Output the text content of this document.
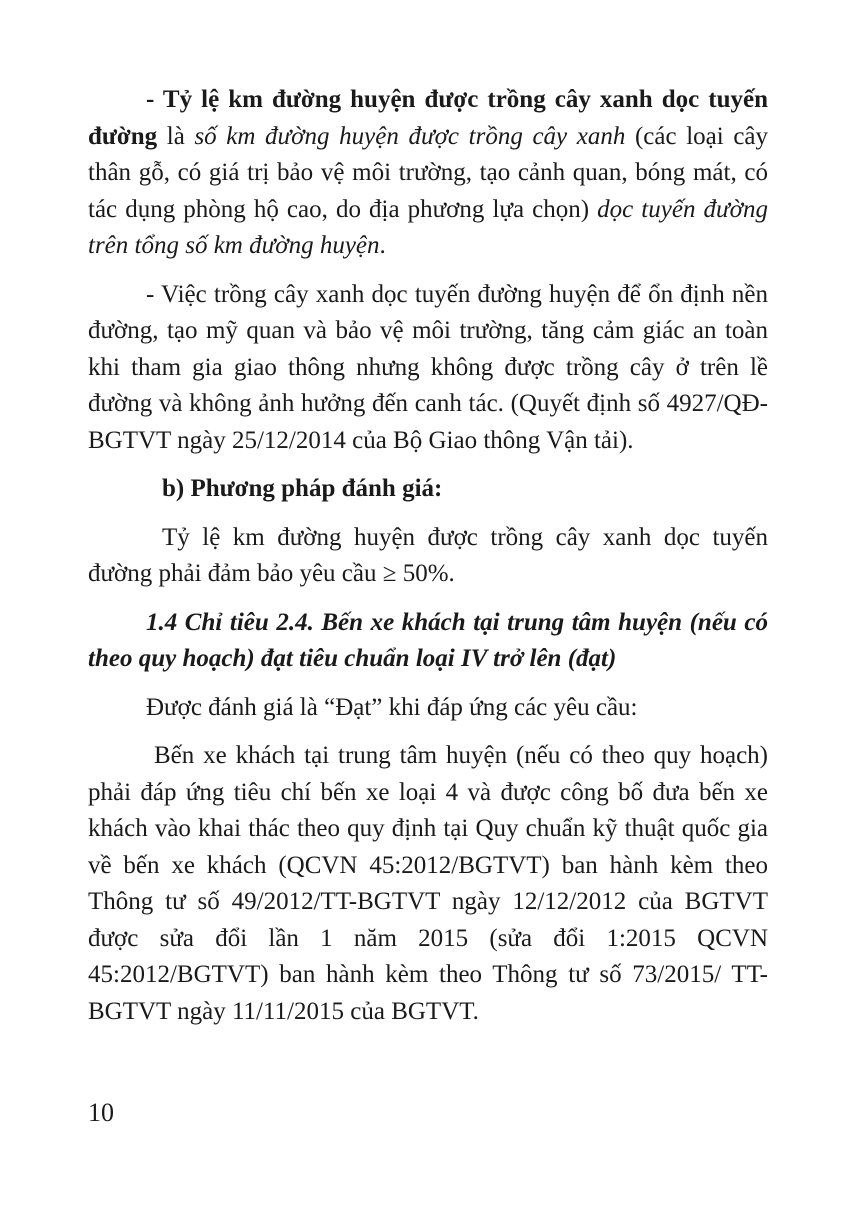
- Tỷ lệ km đường huyện được trồng cây xanh dọc tuyến đường là số km đường huyện được trồng cây xanh (các loại cây thân gỗ, có giá trị bảo vệ môi trường, tạo cảnh quan, bóng mát, có tác dụng phòng hộ cao, do địa phương lựa chọn) dọc tuyến đường trên tổng số km đường huyện.

- Việc trồng cây xanh dọc tuyến đường huyện để ổn định nền đường, tạo mỹ quan và bảo vệ môi trường, tăng cảm giác an toàn khi tham gia giao thông nhưng không được trồng cây ở trên lề đường và không ảnh hưởng đến canh tác. (Quyết định số 4927/QĐ-BGTVT ngày 25/12/2014 của Bộ Giao thông Vận tải).

b) Phương pháp đánh giá:

Tỷ lệ km đường huyện được trồng cây xanh dọc tuyến đường phải đảm bảo yêu cầu ≥ 50%.

1.4 Chỉ tiêu 2.4. Bến xe khách tại trung tâm huyện (nếu có theo quy hoạch) đạt tiêu chuẩn loại IV trở lên (đạt)

Được đánh giá là “Đạt” khi đáp ứng các yêu cầu:

Bến xe khách tại trung tâm huyện (nếu có theo quy hoạch) phải đáp ứng tiêu chí bến xe loại 4 và được công bố đưa bến xe khách vào khai thác theo quy định tại Quy chuẩn kỹ thuật quốc gia về bến xe khách (QCVN 45:2012/BGTVT) ban hành kèm theo Thông tư số 49/2012/TT-BGTVT ngày 12/12/2012 của BGTVT được sửa đổi lần 1 năm 2015 (sửa đổi 1:2015 QCVN 45:2012/BGTVT) ban hành kèm theo Thông tư số 73/2015/ TT-BGTVT ngày 11/11/2015 của BGTVT.

10
